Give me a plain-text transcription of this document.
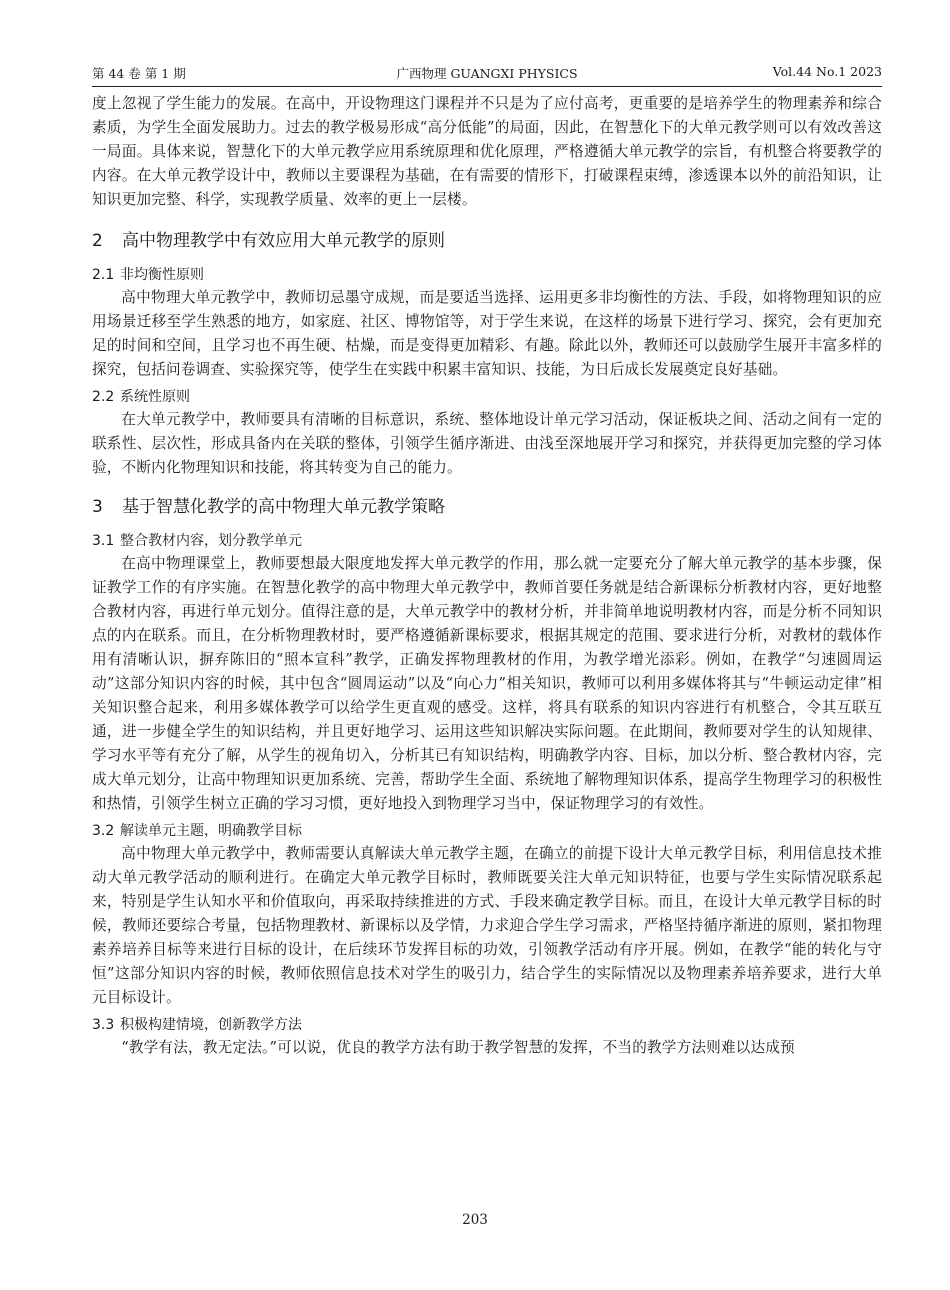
第 44 卷 第 1 期	广西物理 GUANGXI PHYSICS	Vol.44 No.1 2023

度上忽视了学生能力的发展。在高中，开设物理这门课程并不只是为了应付高考，更重要的是培养学生的物理素养和综合素质，为学生全面发展助力。过去的教学极易形成“高分低能”的局面，因此，在智慧化下的大单元教学则可以有效改善这一局面。具体来说，智慧化下的大单元教学应用系统原理和优化原理，严格遵循大单元教学的宗旨，有机整合将要教学的内容。在大单元教学设计中，教师以主要课程为基础，在有需要的情形下，打破课程束缚，渗透课本以外的前沿知识，让知识更加完整、科学，实现教学质量、效率的更上一层楼。

2 高中物理教学中有效应用大单元教学的原则
2.1 非均衡性原则

高中物理大单元教学中，教师切忌墨守成规，而是要适当选择、运用更多非均衡性的方法、手段，如将物理知识的应用场景迁移至学生熟悉的地方，如家庭、社区、博物馆等，对于学生来说，在这样的场景下进行学习、探究，会有更加充足的时间和空间，且学习也不再生硬、枯燥，而是变得更加精彩、有趣。除此以外，教师还可以鼓励学生展开丰富多样的探究，包括问卷调查、实验探究等，使学生在实践中积累丰富知识、技能，为日后成长发展奠定良好基础。

2.2 系统性原则

在大单元教学中，教师要具有清晰的目标意识，系统、整体地设计单元学习活动，保证板块之间、活动之间有一定的联系性、层次性，形成具备内在关联的整体，引领学生循序渐进、由浅至深地展开学习和探究，并获得更加完整的学习体验，不断内化物理知识和技能，将其转变为自己的能力。

3 基于智慧化教学的高中物理大单元教学策略
3.1 整合教材内容，划分教学单元

在高中物理课堂上，教师要想最大限度地发挥大单元教学的作用，那么就一定要充分了解大单元教学的基本步骤，保证教学工作的有序实施。在智慧化教学的高中物理大单元教学中，教师首要任务就是结合新课标分析教材内容，更好地整合教材内容，再进行单元划分。值得注意的是，大单元教学中的教材分析，并非简单地说明教材内容，而是分析不同知识点的内在联系。而且，在分析物理教材时，要严格遵循新课标要求，根据其规定的范围、要求进行分析，对教材的载体作用有清晰认识，摒弃陈旧的“照本宣科”教学，正确发挥物理教材的作用，为教学增光添彩。例如，在教学“匀速圆周运动”这部分知识内容的时候，其中包含“圆周运动”以及“向心力”相关知识，教师可以利用多媒体将其与“牛顿运动定律”相关知识整合起来，利用多媒体教学可以给学生更直观的感受。这样，将具有联系的知识内容进行有机整合，令其互联互通，进一步健全学生的知识结构，并且更好地学习、运用这些知识解决实际问题。在此期间，教师要对学生的认知规律、学习水平等有充分了解，从学生的视角切入，分析其已有知识结构，明确教学内容、目标，加以分析、整合教材内容，完成大单元划分，让高中物理知识更加系统、完善，帮助学生全面、系统地了解物理知识体系，提高学生物理学习的积极性和热情，引领学生树立正确的学习习惯，更好地投入到物理学习当中，保证物理学习的有效性。

3.2 解读单元主题，明确教学目标

高中物理大单元教学中，教师需要认真解读大单元教学主题，在确立的前提下设计大单元教学目标，利用信息技术推动大单元教学活动的顺利进行。在确定大单元教学目标时，教师既要关注大单元知识特征，也要与学生实际情况联系起来，特别是学生认知水平和价值取向，再采取持续推进的方式、手段来确定教学目标。而且，在设计大单元教学目标的时候，教师还要综合考量，包括物理教材、新课标以及学情，力求迎合学生学习需求，严格坚持循序渐进的原则，紧扣物理素养培养目标等来进行目标的设计，在后续环节发挥目标的功效，引领教学活动有序开展。例如，在教学“能的转化与守恒”这部分知识内容的时候，教师依照信息技术对学生的吸引力，结合学生的实际情况以及物理素养培养要求，进行大单元目标设计。

3.3 积极构建情境，创新教学方法

“教学有法，教无定法。”可以说，优良的教学方法有助于教学智慧的发挥，不当的教学方法则难以达成预

203
